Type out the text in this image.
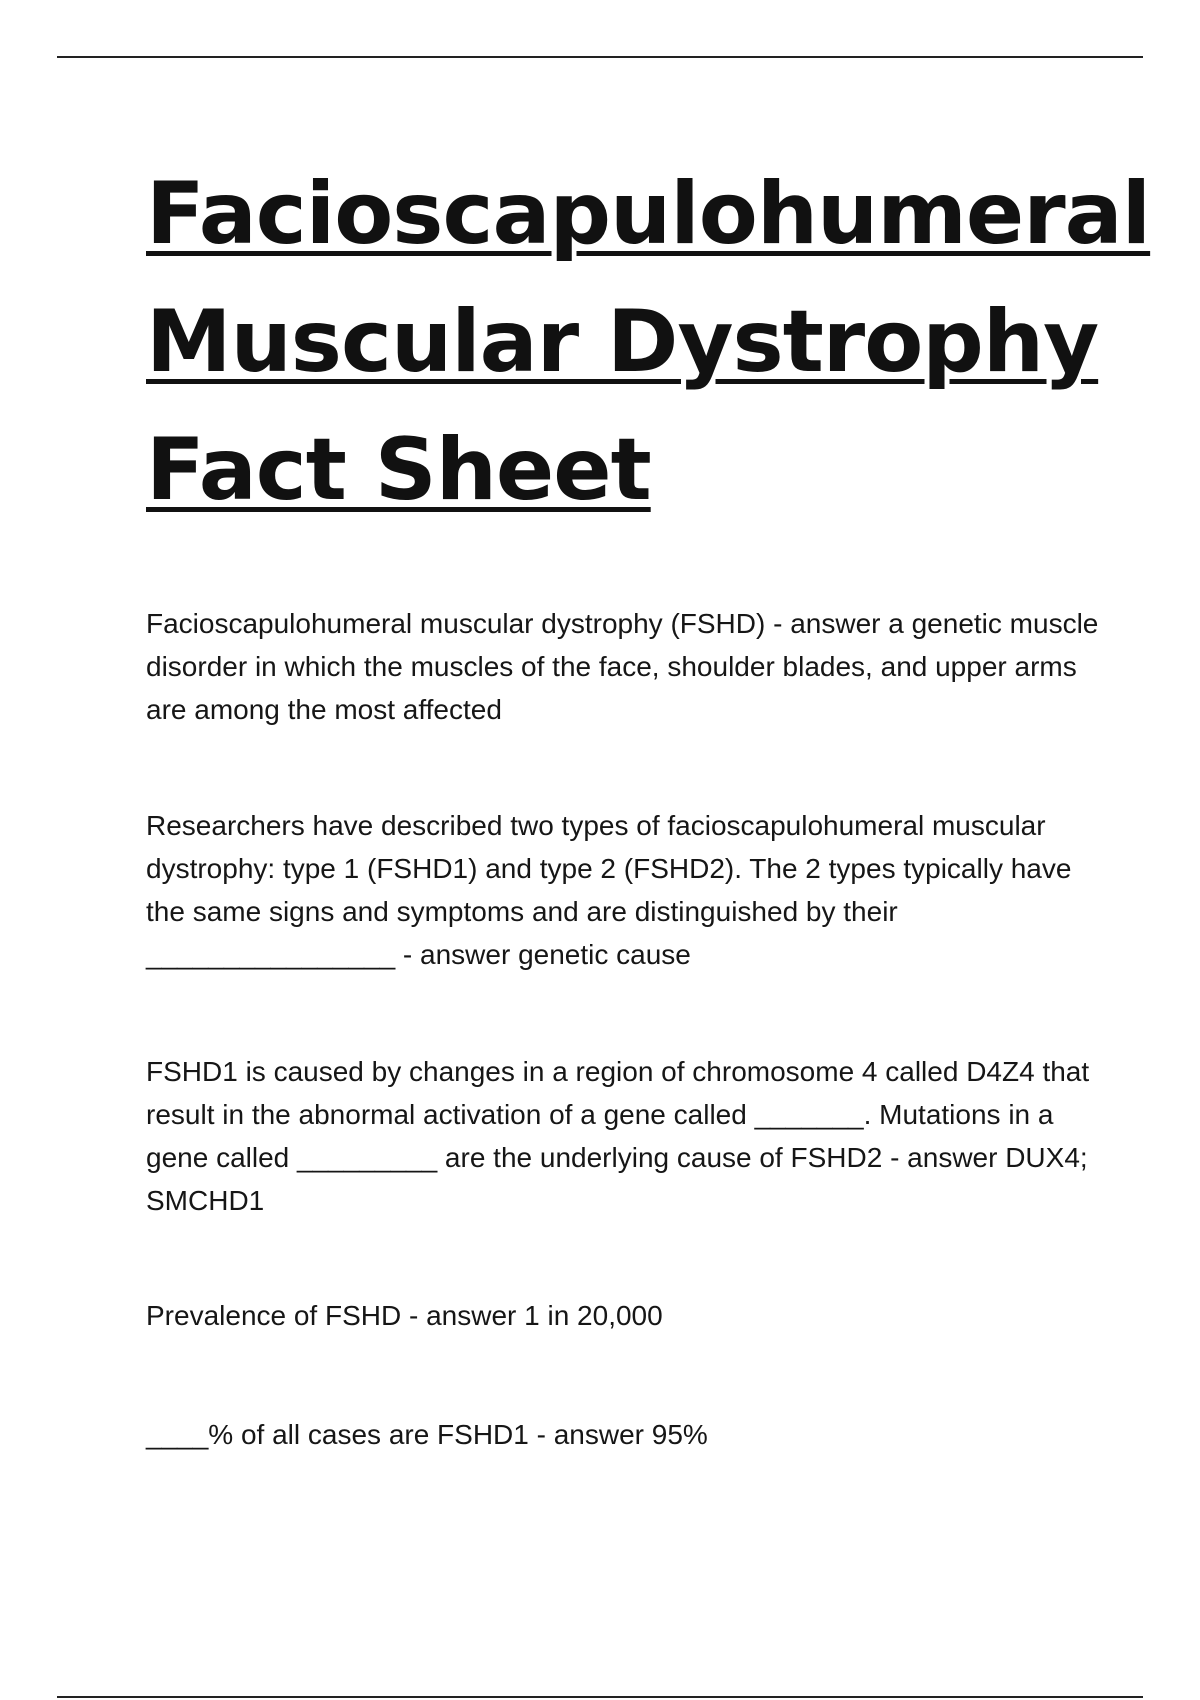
Facioscapulohumeral
Muscular Dystrophy
Fact Sheet

Facioscapulohumeral muscular dystrophy (FSHD) - answer a genetic muscle disorder in which the muscles of the face, shoulder blades, and upper arms are among the most affected

Researchers have described two types of facioscapulohumeral muscular dystrophy: type 1 (FSHD1) and type 2 (FSHD2). The 2 types typically have the same signs and symptoms and are distinguished by their ________________ - answer genetic cause

FSHD1 is caused by changes in a region of chromosome 4 called D4Z4 that result in the abnormal activation of a gene called _______. Mutations in a gene called _________ are the underlying cause of FSHD2 - answer DUX4; SMCHD1

Prevalence of FSHD - answer 1 in 20,000

____% of all cases are FSHD1 - answer 95%
